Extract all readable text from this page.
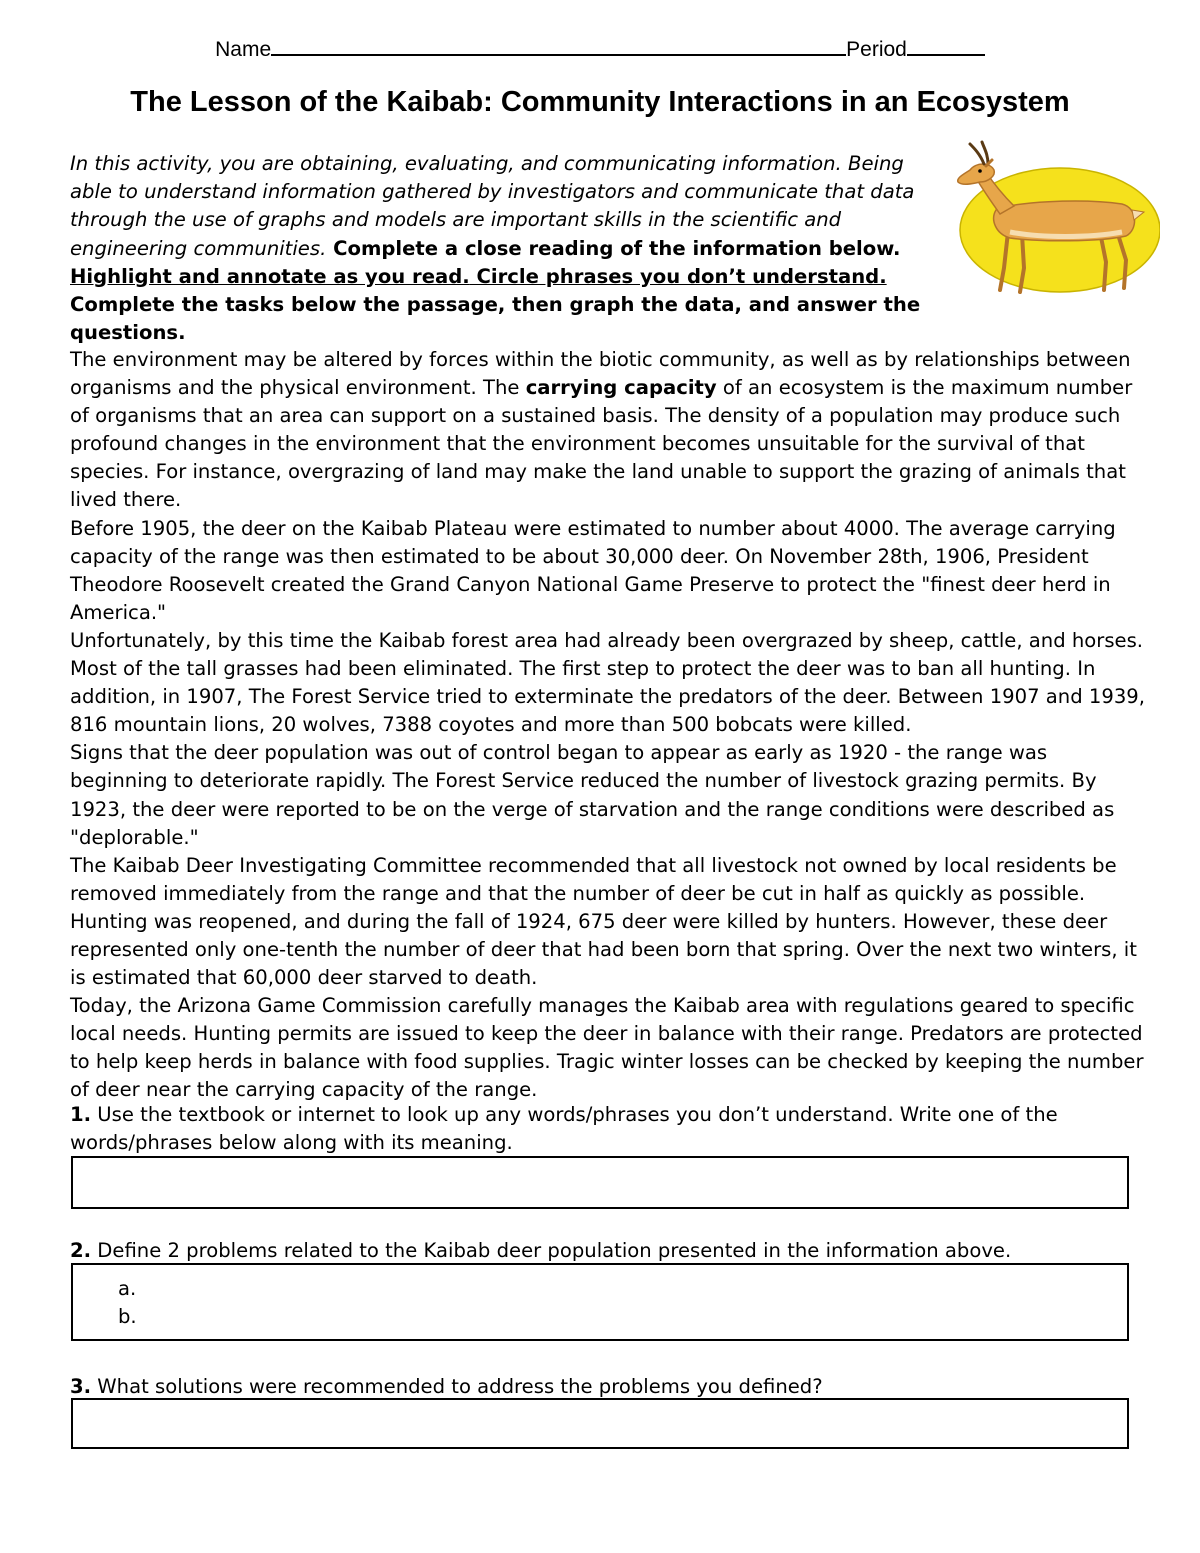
Name	Period
The Lesson of the Kaibab: Community Interactions in an Ecosystem
In this activity, you are obtaining, evaluating, and communicating information. Being able to understand information gathered by investigators and communicate that data through the use of graphs and models are important skills in the scientific and engineering communities. Complete a close reading of the information below. Highlight and annotate as you read. Circle phrases you don’t understand. Complete the tasks below the passage, then graph the data, and answer the questions.

The environment may be altered by forces within the biotic community, as well as by relationships between organisms and the physical environment. The carrying capacity of an ecosystem is the maximum number of organisms that an area can support on a sustained basis. The density of a population may produce such profound changes in the environment that the environment becomes unsuitable for the survival of that species. For instance, overgrazing of land may make the land unable to support the grazing of animals that lived there.

Before 1905, the deer on the Kaibab Plateau were estimated to number about 4000. The average carrying capacity of the range was then estimated to be about 30,000 deer. On November 28th, 1906, President Theodore Roosevelt created the Grand Canyon National Game Preserve to protect the "finest deer herd in America."

Unfortunately, by this time the Kaibab forest area had already been overgrazed by sheep, cattle, and horses. Most of the tall grasses had been eliminated. The first step to protect the deer was to ban all hunting. In addition, in 1907, The Forest Service tried to exterminate the predators of the deer. Between 1907 and 1939, 816 mountain lions, 20 wolves, 7388 coyotes and more than 500 bobcats were killed.

Signs that the deer population was out of control began to appear as early as 1920 - the range was beginning to deteriorate rapidly. The Forest Service reduced the number of livestock grazing permits. By 1923, the deer were reported to be on the verge of starvation and the range conditions were described as "deplorable."

The Kaibab Deer Investigating Committee recommended that all livestock not owned by local residents be removed immediately from the range and that the number of deer be cut in half as quickly as possible. Hunting was reopened, and during the fall of 1924, 675 deer were killed by hunters. However, these deer represented only one-tenth the number of deer that had been born that spring. Over the next two winters, it is estimated that 60,000 deer starved to death.

Today, the Arizona Game Commission carefully manages the Kaibab area with regulations geared to specific local needs. Hunting permits are issued to keep the deer in balance with their range. Predators are protected to help keep herds in balance with food supplies. Tragic winter losses can be checked by keeping the number of deer near the carrying capacity of the range.

1. Use the textbook or internet to look up any words/phrases you don’t understand. Write one of the words/phrases below along with its meaning.
2. Define 2 problems related to the Kaibab deer population presented in the information above.
a.
b.
3. What solutions were recommended to address the problems you defined?
